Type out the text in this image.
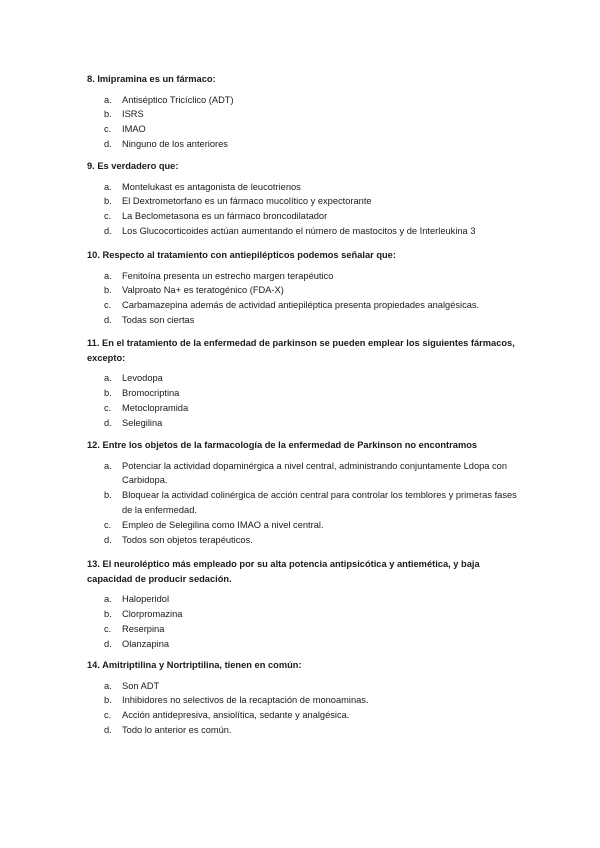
8. Imipramina es un fármaco:

a. Antiséptico Tricíclico (ADT)
b. ISRS
c. IMAO
d. Ninguno de los anteriores

9. Es verdadero que:

a. Montelukast es antagonista de leucotrienos
b. El Dextrometorfano es un fármaco mucolítico y expectorante
c. La Beclometasona es un fármaco broncodilatador
d. Los Glucocorticoides actúan aumentando el número de mastocitos y de Interleukina 3

10. Respecto al tratamiento con antiepilépticos podemos señalar que:

a. Fenitoína presenta un estrecho margen terapéutico
b. Valproato Na+ es teratogénico (FDA-X)
c. Carbamazepina además de actividad antiepiléptica presenta propiedades analgésicas.
d. Todas son ciertas

11. En el tratamiento de la enfermedad de parkinson se pueden emplear los siguientes fármacos, excepto:

a. Levodopa
b. Bromocriptina
c. Metoclopramida
d. Selegilina

12. Entre los objetos de la farmacología de la enfermedad de Parkinson no encontramos

a. Potenciar la actividad dopaminérgica a nivel central, administrando conjuntamente Ldopa con Carbidopa.
b. Bloquear la actividad colinérgica de acción central para controlar los temblores y primeras fases de la enfermedad.
c. Empleo de Selegilina como IMAO a nivel central.
d. Todos son objetos terapéuticos.

13. El neuroléptico más empleado por su alta potencia antipsicótica y antiemética, y baja capacidad de producir sedación.

a. Haloperidol
b. Clorpromazina
c. Reserpina
d. Olanzapina

14. Amitriptilina y Nortriptilina, tienen en común:

a. Son ADT
b. Inhibidores no selectivos de la recaptación de monoaminas.
c. Acción antidepresiva, ansiolítica, sedante y analgésica.
d. Todo lo anterior es común.
